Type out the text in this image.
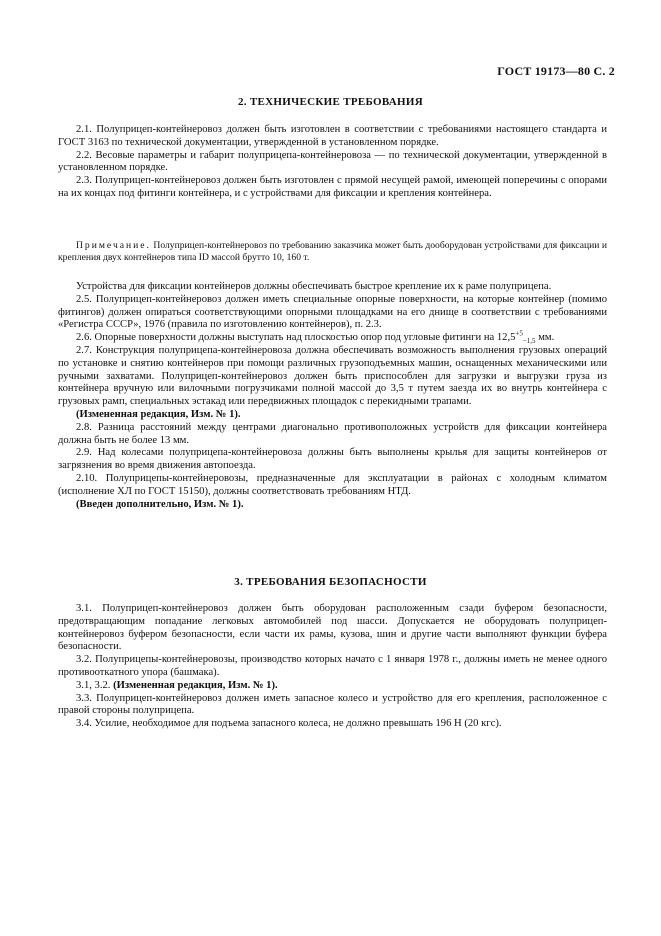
ГОСТ 19173—80 С. 2
2. ТЕХНИЧЕСКИЕ ТРЕБОВАНИЯ

2.1. Полуприцеп-контейнеровоз должен быть изготовлен в соответствии с требованиями настоящего стандарта и ГОСТ 3163 по технической документации, утвержденной в установленном порядке.

2.2. Весовые параметры и габарит полуприцепа-контейнеровоза — по технической документации, утвержденной в установленном порядке.

2.3. Полуприцеп-контейнеровоз должен быть изготовлен с прямой несущей рамой, имеющей поперечины с опорами на их концах под фитинги контейнера, и с устройствами для фиксации и крепления контейнера.

Примечание. Полуприцеп-контейнеровоз по требованию заказчика может быть дооборудован устройствами для фиксации и крепления двух контейнеров типа ID массой брутто 10, 160 т.

Устройства для фиксации контейнеров должны обеспечивать быстрое крепление их к раме полуприцепа.

2.5. Полуприцеп-контейнеровоз должен иметь специальные опорные поверхности, на которые контейнер (помимо фитингов) должен опираться соответствующими опорными площадками на его днище в соответствии с требованиями «Регистра СССР», 1976 (правила по изготовлению контейнеров), п. 2.3.

2.6. Опорные поверхности должны выступать над плоскостью опор под угловые фитинги на $12,5^{+5}_{-1,5}$ мм.

2.7. Конструкция полуприцепа-контейнеровоза должна обеспечивать возможность выполнения грузовых операций по установке и снятию контейнеров при помощи различных грузоподъемных машин, оснащенных механическими или ручными захватами. Полуприцеп-контейнеровоз должен быть приспособлен для загрузки и выгрузки груза из контейнера вручную или вилочными погрузчиками полной массой до 3,5 т путем заезда их во внутрь контейнера с грузовых рамп, специальных эстакад или передвижных площадок с перекидными трапами.

(Измененная редакция, Изм. № 1).

2.8. Разница расстояний между центрами диагонально противоположных устройств для фиксации контейнера должна быть не более 13 мм.

2.9. Над колесами полуприцепа-контейнеровоза должны быть выполнены крылья для защиты контейнеров от загрязнения во время движения автопоезда.

2.10. Полуприцепы-контейнеровозы, предназначенные для эксплуатации в районах с холодным климатом (исполнение ХЛ по ГОСТ 15150), должны соответствовать требованиям НТД.

(Введен дополнительно, Изм. № 1).

3. ТРЕБОВАНИЯ БЕЗОПАСНОСТИ

3.1. Полуприцеп-контейнеровоз должен быть оборудован расположенным сзади буфером безопасности, предотвращающим попадание легковых автомобилей под шасси. Допускается не оборудовать полуприцеп-контейнеровоз буфером безопасности, если части их рамы, кузова, шин и другие части выполняют функции буфера безопасности.

3.2. Полуприцепы-контейнеровозы, производство которых начато с 1 января 1978 г., должны иметь не менее одного противооткатного упора (башмака).

3.1, 3.2. (Измененная редакция, Изм. № 1).

3.3. Полуприцеп-контейнеровоз должен иметь запасное колесо и устройство для его крепления, расположенное с правой стороны полуприцепа.

3.4. Усилие, необходимое для подъема запасного колеса, не должно превышать 196 Н (20 кгс).
